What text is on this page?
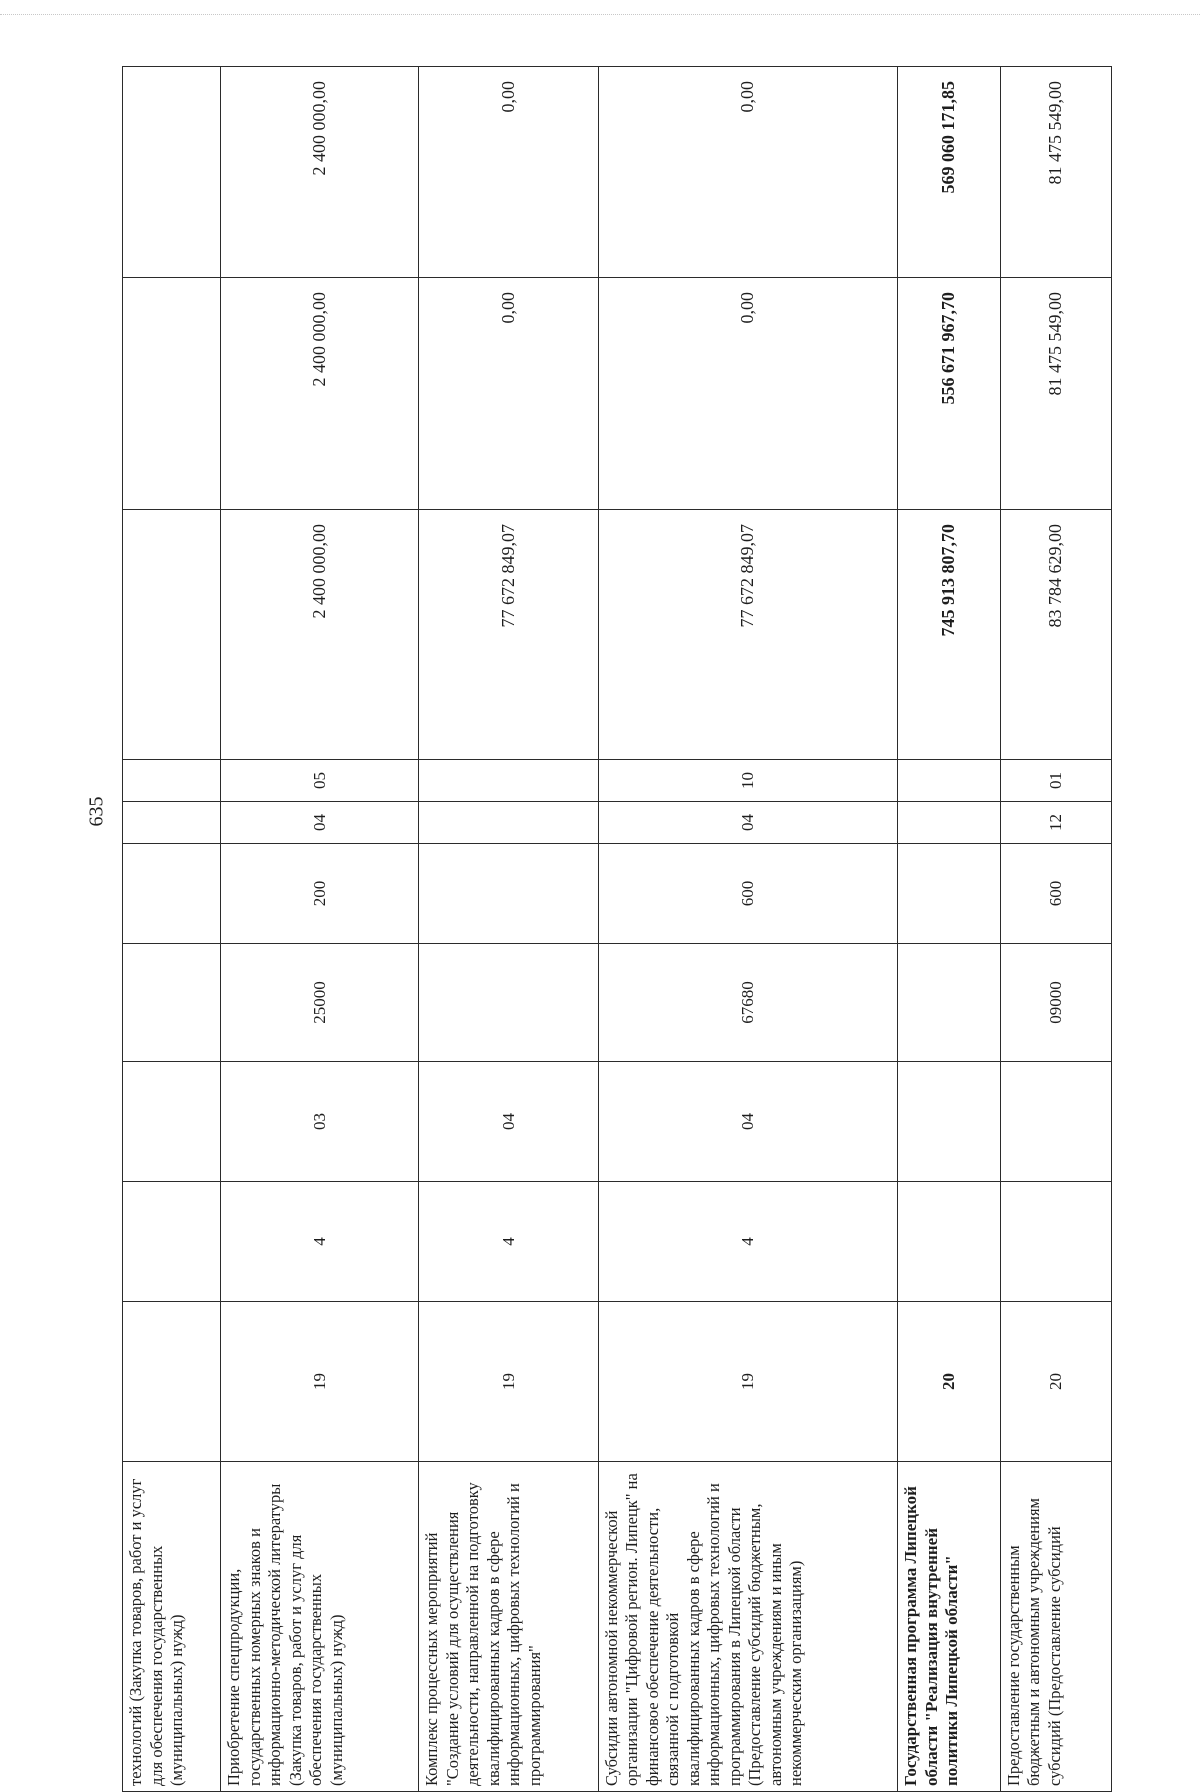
635
технологий (Закупка товаров, работ и услуг для обеспечения государственных (муниципальных) нужд)										
Приобретение спецпродукции, государственных номерных знаков и информационно-методической литературы (Закупка товаров, работ и услуг для обеспечения государственных (муниципальных) нужд)	19	4	03	25000	200	04	05	2 400 000,00	2 400 000,00	2 400 000,00
Комплекс процессных мероприятий "Создание условий для осуществления деятельности, направленной на подготовку квалифицированных кадров в сфере информационных, цифровых технологий и программирования"	19	4	04					77 672 849,07	0,00	0,00
Субсидии автономной некоммерческой организации "Цифровой регион. Липецк" на финансовое обеспечение деятельности, связанной с подготовкой квалифицированных кадров в сфере информационных, цифровых технологий и программирования в Липецкой области (Предоставление субсидий бюджетным, автономным учреждениям и иным некоммерческим организациям)	19	4	04	67680	600	04	10	77 672 849,07	0,00	0,00
Государственная программа Липецкой области "Реализация внутренней политики Липецкой области"	20							745 913 807,70	556 671 967,70	569 060 171,85
Предоставление государственным бюджетным и автономным учреждениям субсидий (Предоставление субсидий	20			09000	600	12	01	83 784 629,00	81 475 549,00	81 475 549,00
